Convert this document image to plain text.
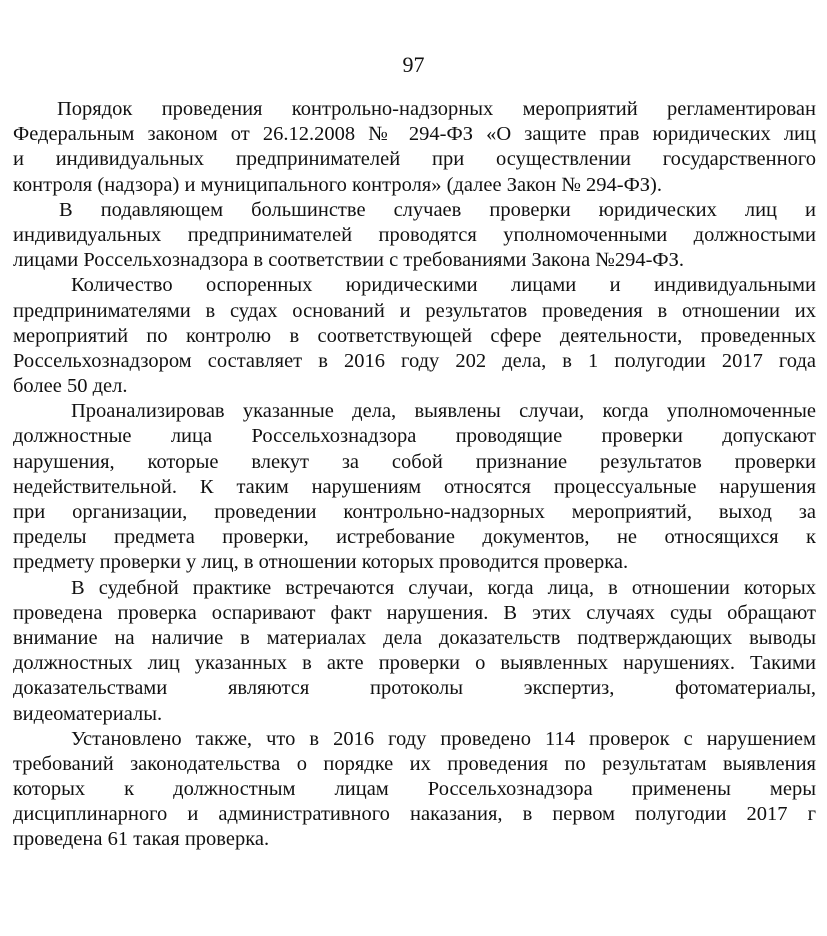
97
Порядок проведения контрольно-надзорных мероприятий регламентирован
Федеральным законом от 26.12.2008 № 294-ФЗ «О защите прав юридических лиц
и индивидуальных предпринимателей при осуществлении государственного
контроля (надзора) и муниципального контроля» (далее Закон № 294-ФЗ).
В подавляющем большинстве случаев проверки юридических лиц и
индивидуальных предпринимателей проводятся уполномоченными должностыми
лицами Россельхознадзора в соответствии с требованиями Закона №294-ФЗ.
Количество оспоренных юридическими лицами и индивидуальными
предпринимателями в судах оснований и результатов проведения в отношении их
мероприятий по контролю в соответствующей сфере деятельности, проведенных
Россельхознадзором составляет в 2016 году 202 дела, в 1 полугодии 2017 года
более 50 дел.
Проанализировав указанные дела, выявлены случаи, когда уполномоченные
должностные лица Россельхознадзора проводящие проверки допускают
нарушения, которые влекут за собой признание результатов проверки
недействительной. К таким нарушениям относятся процессуальные нарушения
при организации, проведении контрольно-надзорных мероприятий, выход за
пределы предмета проверки, истребование документов, не относящихся к
предмету проверки у лиц, в отношении которых проводится проверка.
В судебной практике встречаются случаи, когда лица, в отношении которых
проведена проверка оспаривают факт нарушения. В этих случаях суды обращают
внимание на наличие в материалах дела доказательств подтверждающих выводы
должностных лиц указанных в акте проверки о выявленных нарушениях. Такими
доказательствами являются протоколы экспертиз, фотоматериалы,
видеоматериалы.
Установлено также, что в 2016 году проведено 114 проверок с нарушением
требований законодательства о порядке их проведения по результатам выявления
которых к должностным лицам Россельхознадзора применены меры
дисциплинарного и административного наказания, в первом полугодии 2017 г
проведена 61 такая проверка.
